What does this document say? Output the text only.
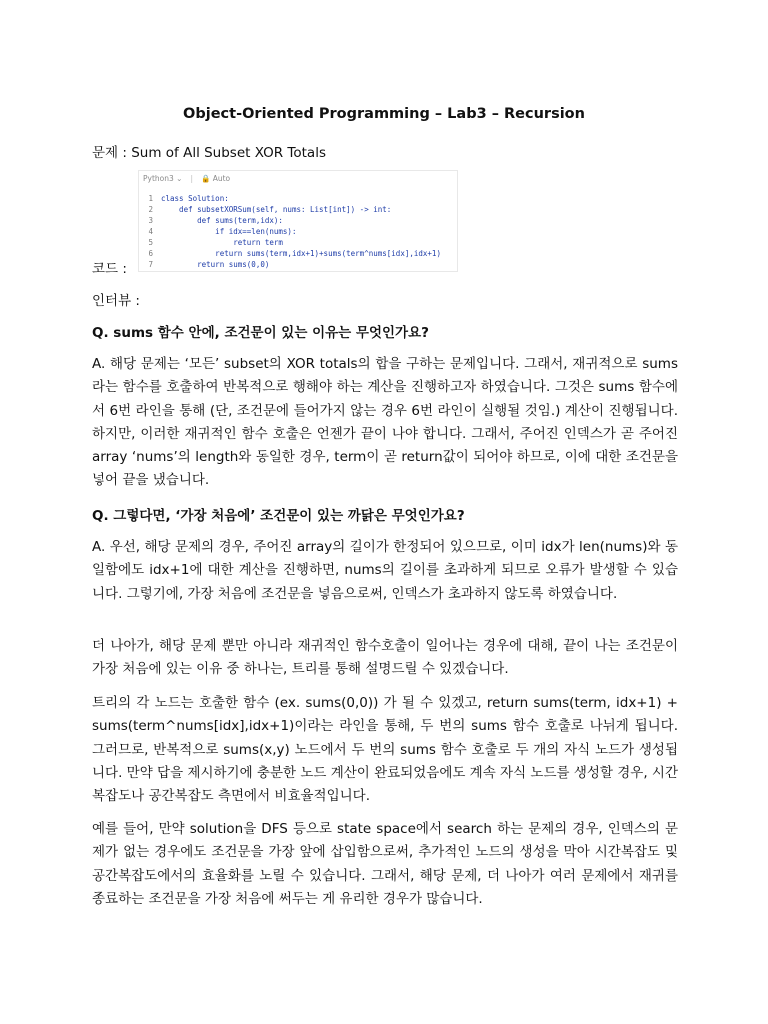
Object-Oriented Programming – Lab3 – Recursion
문제 : Sum of All Subset XOR Totals
Python3 ⌄ | 🔒 Auto
1	class Solution:
2	def subsetXORSum(self, nums: List[int]) -> int:
3	def sums(term,idx):
4	if idx==len(nums):
5	return term
6	return sums(term,idx+1)+sums(term^nums[idx],idx+1)
7	return sums(0,0)
코드 :
인터뷰 :
Q. sums 함수 안에, 조건문이 있는 이유는 무엇인가요?
A. 해당 문제는 ‘모든’ subset의 XOR totals의 합을 구하는 문제입니다. 그래서, 재귀적으로 sums라는 함수를 호출하여 반복적으로 행해야 하는 계산을 진행하고자 하였습니다. 그것은 sums 함수에서 6번 라인을 통해 (단, 조건문에 들어가지 않는 경우 6번 라인이 실행될 것임.) 계산이 진행됩니다. 하지만, 이러한 재귀적인 함수 호출은 언젠가 끝이 나야 합니다. 그래서, 주어진 인덱스가 곧 주어진 array ‘nums’의 length와 동일한 경우, term이 곧 return값이 되어야 하므로, 이에 대한 조건문을 넣어 끝을 냈습니다.
Q. 그렇다면, ‘가장 처음에’ 조건문이 있는 까닭은 무엇인가요?
A. 우선, 해당 문제의 경우, 주어진 array의 길이가 한정되어 있으므로, 이미 idx가 len(nums)와 동일함에도 idx+1에 대한 계산을 진행하면, nums의 길이를 초과하게 되므로 오류가 발생할 수 있습니다. 그렇기에, 가장 처음에 조건문을 넣음으로써, 인덱스가 초과하지 않도록 하였습니다.
더 나아가, 해당 문제 뿐만 아니라 재귀적인 함수호출이 일어나는 경우에 대해, 끝이 나는 조건문이 가장 처음에 있는 이유 중 하나는, 트리를 통해 설명드릴 수 있겠습니다.
트리의 각 노드는 호출한 함수 (ex. sums(0,0)) 가 될 수 있겠고, return sums(term, idx+1) + sums(term^nums[idx],idx+1)이라는 라인을 통해, 두 번의 sums 함수 호출로 나뉘게 됩니다. 그러므로, 반복적으로 sums(x,y) 노드에서 두 번의 sums 함수 호출로 두 개의 자식 노드가 생성됩니다. 만약 답을 제시하기에 충분한 노드 계산이 완료되었음에도 계속 자식 노드를 생성할 경우, 시간복잡도나 공간복잡도 측면에서 비효율적입니다.
예를 들어, 만약 solution을 DFS 등으로 state space에서 search 하는 문제의 경우, 인덱스의 문제가 없는 경우에도 조건문을 가장 앞에 삽입함으로써, 추가적인 노드의 생성을 막아 시간복잡도 및 공간복잡도에서의 효율화를 노릴 수 있습니다. 그래서, 해당 문제, 더 나아가 여러 문제에서 재귀를 종료하는 조건문을 가장 처음에 써두는 게 유리한 경우가 많습니다.
